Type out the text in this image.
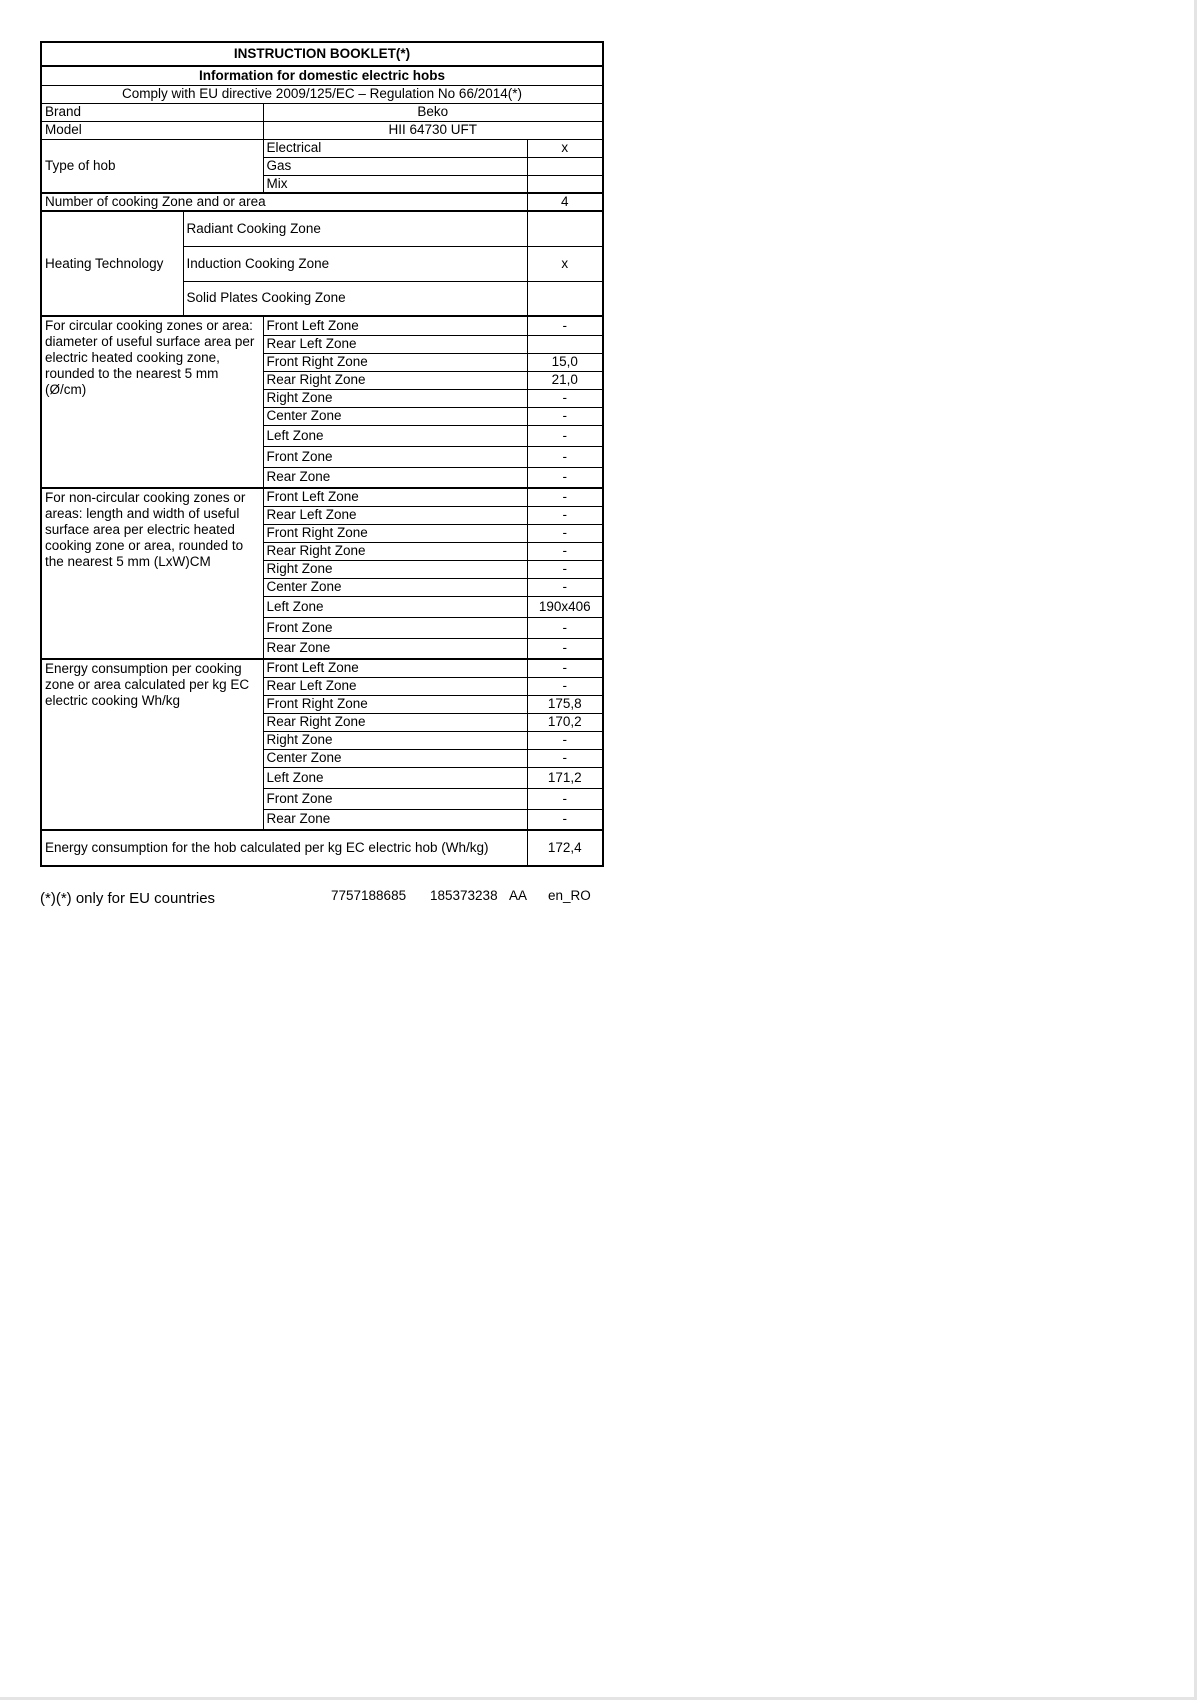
INSTRUCTION BOOKLET(*)			
Information for domestic electric hobs			
Comply with EU directive 2009/125/EC – Regulation No 66/2014(*)			
Brand		Beko	
Model		HII 64730 UFT	
Type of hob		Electrical	x
		Gas	
		Mix	
Number of cooking Zone and or area			4
Heating Technology	Radiant Cooking Zone		
	Induction Cooking Zone		x
	Solid Plates Cooking Zone		
For circular cooking zones or area: diameter of useful surface area per electric heated cooking zone, rounded to the nearest 5 mm (Ø/cm)		Front Left Zone	-
		Rear Left Zone	
		Front Right Zone	15,0
		Rear Right Zone	21,0
		Right Zone	-
		Center Zone	-
		Left Zone	-
		Front Zone	-
		Rear Zone	-
For non-circular cooking zones or areas: length and width of useful surface area per electric heated cooking zone or area, rounded to the nearest 5 mm (LxW)CM		Front Left Zone	-
		Rear Left Zone	-
		Front Right Zone	-
		Rear Right Zone	-
		Right Zone	-
		Center Zone	-
		Left Zone	190x406
		Front Zone	-
		Rear Zone	-
Energy consumption per cooking zone or area calculated per kg EC electric cooking Wh/kg		Front Left Zone	-
		Rear Left Zone	-
		Front Right Zone	175,8
		Rear Right Zone	170,2
		Right Zone	-
		Center Zone	-
		Left Zone	171,2
		Front Zone	-
		Rear Zone	-
Energy consumption for the hob calculated per kg EC electric hob (Wh/kg)			172,4
(*)(*) only for EU countries	7757188685 185373238 AA en_RO
